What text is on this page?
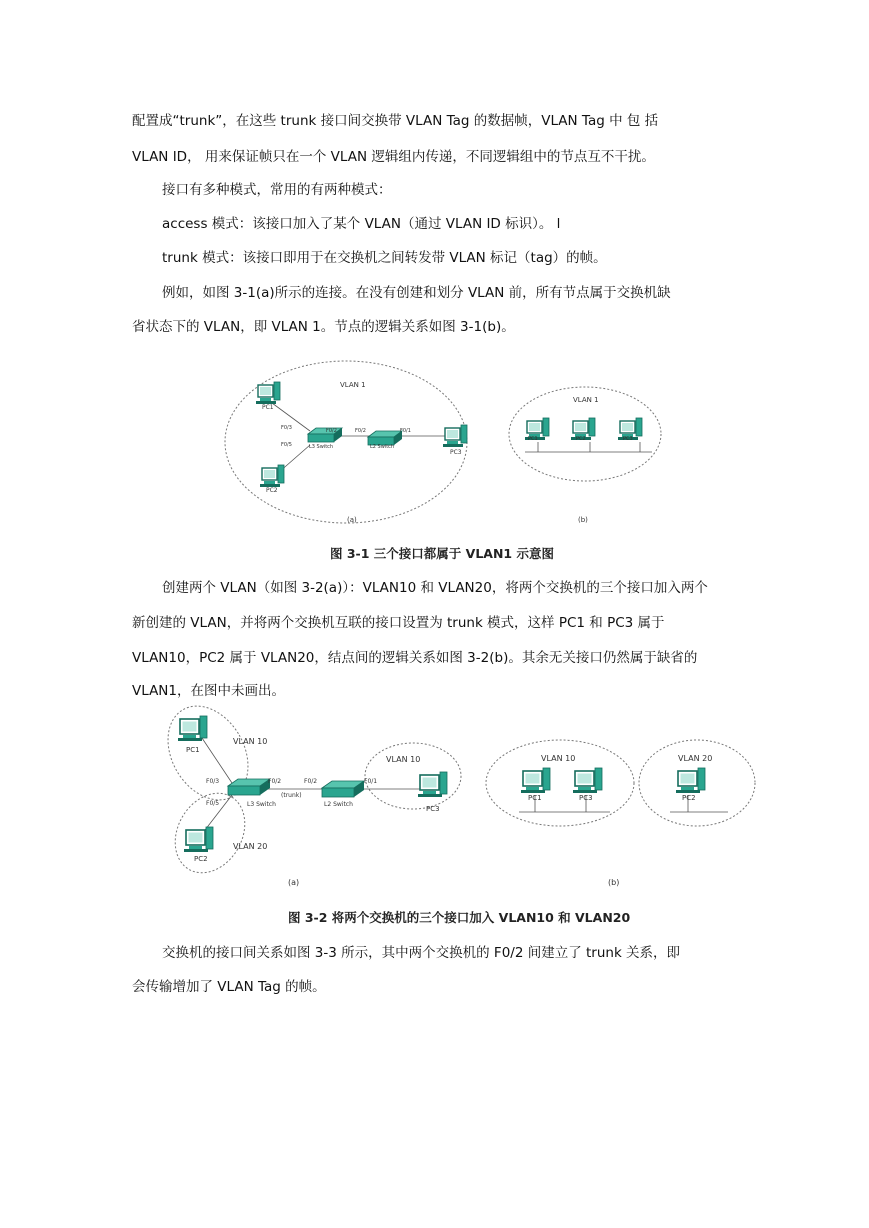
配置成“trunk”，在这些 trunk 接口间交换带 VLAN Tag 的数据帧，VLAN Tag 中 包 括
VLAN ID， 用来保证帧只在一个 VLAN 逻辑组内传递，不同逻辑组中的节点互不干扰。
接口有多种模式，常用的有两种模式：
access 模式：该接口加入了某个 VLAN（通过 VLAN ID 标识）。 l
trunk 模式：该接口即用于在交换机之间转发带 VLAN 标记（tag）的帧。
例如，如图 3-1(a)所示的连接。在没有创建和划分 VLAN 前，所有节点属于交换机缺
省状态下的 VLAN，即 VLAN 1。节点的逻辑关系如图 3-1(b)。
VLAN 1
PC1
PC2
PC3
F0/3
F0/5
F0/2	F0/2	F0/1
L3 Switch	L2 Switch
(a)
VLAN 1
PC1	PC2	PC3
(b)
图 3-1 三个接口都属于 VLAN1 示意图
创建两个 VLAN（如图 3-2(a)）：VLAN10 和 VLAN20，将两个交换机的三个接口加入两个
新创建的 VLAN，并将两个交换机互联的接口设置为 trunk 模式，这样 PC1 和 PC3 属于
VLAN10，PC2 属于 VLAN20，结点间的逻辑关系如图 3-2(b)。其余无关接口仍然属于缺省的
VLAN1，在图中未画出。
PC1
VLAN 10
PC2
VLAN 20
PC3
VLAN 10
F0/3
F0/5
F0/2	F0/2	F0/1
(trunk)
L3 Switch	L2 Switch
(a)
VLAN 10	VLAN 20
PC1	PC3	PC2
(b)
图 3-2 将两个交换机的三个接口加入 VLAN10 和 VLAN20
交换机的接口间关系如图 3-3 所示，其中两个交换机的 F0/2 间建立了 trunk 关系，即
会传输增加了 VLAN Tag 的帧。
